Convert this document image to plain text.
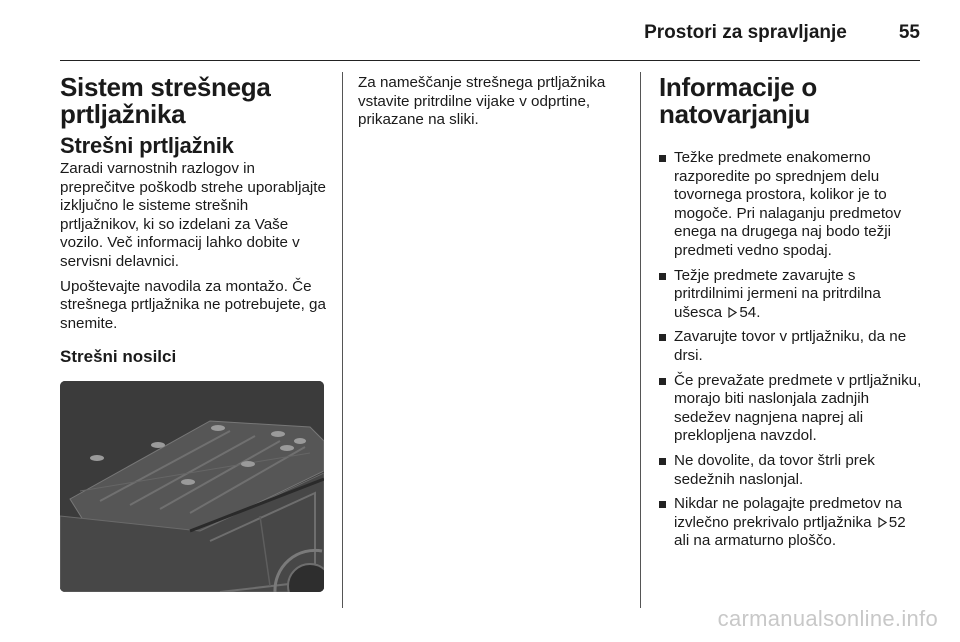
Prostori za spravljanje	55
Sistem strešnega prtljažnika
Strešni prtljažnik

Zaradi varnostnih razlogov in preprečitve poškodb strehe uporabljajte izključno le sisteme strešnih prtljažnikov, ki so izdelani za Vaše vozilo. Več informacij lahko dobite v servisni delavnici.

Upoštevajte navodila za montažo. Če strešnega prtljažnika ne potrebujete, ga snemite.

Strešni nosilci

Za nameščanje strešnega prtljažnika vstavite pritrdilne vijake v odprtine, prikazane na sliki.

Informacije o natovarjanju
Težke predmete enakomerno razporedite po sprednjem delu tovornega prostora, kolikor je to mogoče. Pri nalaganju predmetov enega na drugega naj bodo težji predmeti vedno spodaj.
Težje predmete zavarujte s pritrdilnimi jermeni na pritrdilna ušesca 54.
Zavarujte tovor v prtljažniku, da ne drsi.
Če prevažate predmete v prtljažniku, morajo biti naslonjala zadnjih sedežev nagnjena naprej ali preklopljena navzdol.
Ne dovolite, da tovor štrli prek sedežnih naslonjal.
Nikdar ne polagajte predmetov na izvlečno prekrivalo prtljažnika 52 ali na armaturno ploščo.
carmanualsonline.info
